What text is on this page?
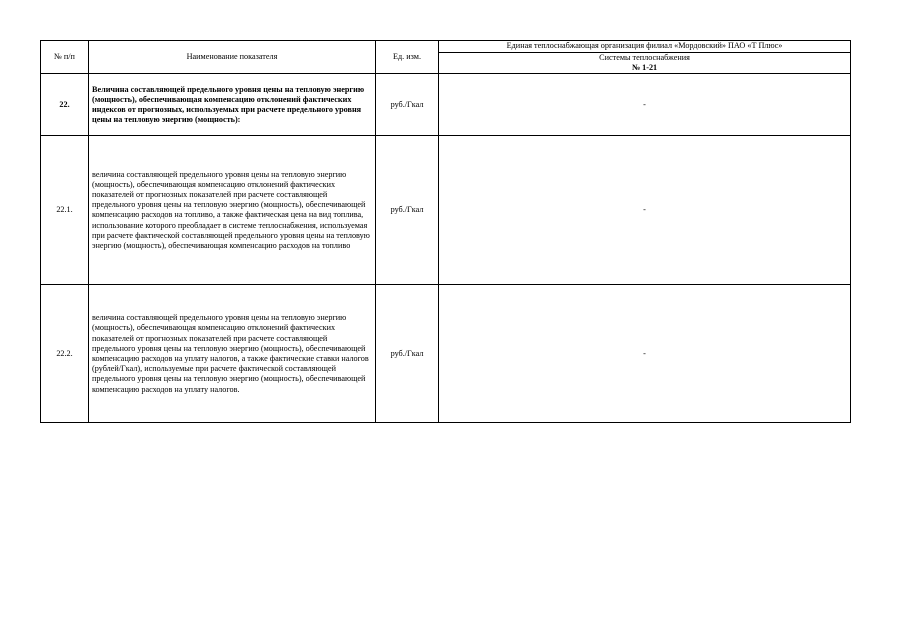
№ п/п	Наименование показателя	Ед. изм.	Единая теплоснабжающая организация филиал «Мордовский» ПАО «Т Плюс»
			Системы теплоснабжения
№ 1-21

22.	Величина составляющей предельного уровня цены на тепловую энергию (мощность), обеспечивающая компенсацию отклонений фактических индексов от прогнозных, используемых при расчете предельного уровня цены на тепловую энергию (мощность):	руб./Гкал	-
22.1.	величина составляющей предельного уровня цены на тепловую энергию (мощность), обеспечивающая компенсацию отклонений фактических показателей от прогнозных показателей при расчете составляющей предельного уровня цены на тепловую энергию (мощность), обеспечивающей компенсацию расходов на топливо, а также фактическая цена на вид топлива, использование которого преобладает в системе теплоснабжения, используемая при расчете фактической составляющей предельного уровня цены на тепловую энергию (мощность), обеспечивающая компенсацию расходов на топливо	руб./Гкал	-
22.2.	величина составляющей предельного уровня цены на тепловую энергию (мощность), обеспечивающая компенсацию отклонений фактических показателей от прогнозных показателей при расчете составляющей предельного уровня цены на тепловую энергию (мощность), обеспечивающей компенсацию расходов на уплату налогов, а также фактические ставки налогов (рублей/Гкал), используемые при расчете фактической составляющей предельного уровня цены на тепловую энергию (мощность), обеспечивающей компенсацию расходов на уплату налогов.	руб./Гкал	-
